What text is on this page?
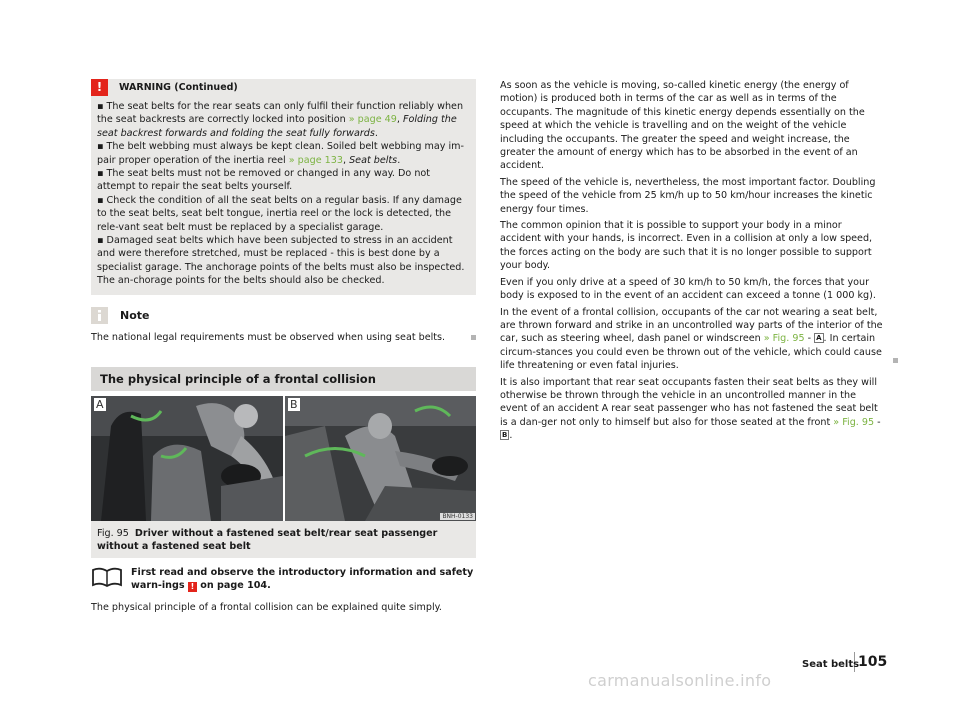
!	WARNING (Continued)

▪ The seat belts for the rear seats can only fulfil their function reliably when the seat backrests are correctly locked into position » page 49, Folding the seat backrest forwards and folding the seat fully forwards.

▪ The belt webbing must always be kept clean. Soiled belt webbing may im-pair proper operation of the inertia reel » page 133, Seat belts.

▪ The seat belts must not be removed or changed in any way. Do not attempt to repair the seat belts yourself.

▪ Check the condition of all the seat belts on a regular basis. If any damage to the seat belts, seat belt tongue, inertia reel or the lock is detected, the rele-vant seat belt must be replaced by a specialist garage.

▪ Damaged seat belts which have been subjected to stress in an accident and were therefore stretched, must be replaced - this is best done by a specialist garage. The anchorage points of the belts must also be inspected. The an-chorage points for the belts should also be checked.

Note
The national legal requirements must be observed when using seat belts.
The physical principle of a frontal collision
A	B
BNH-0133
Fig. 95 Driver without a fastened seat belt/rear seat passenger without a fastened seat belt
First read and observe the introductory information and safety warn-ings ! on page 104.
The physical principle of a frontal collision can be explained quite simply.

As soon as the vehicle is moving, so-called kinetic energy (the energy of motion) is produced both in terms of the car as well as in terms of the occupants. The magnitude of this kinetic energy depends essentially on the speed at which the vehicle is travelling and on the weight of the vehicle including the occupants. The greater the speed and weight increase, the greater the amount of energy which has to be absorbed in the event of an accident.

The speed of the vehicle is, nevertheless, the most important factor. Doubling the speed of the vehicle from 25 km/h up to 50 km/hour increases the kinetic energy four times.

The common opinion that it is possible to support your body in a minor accident with your hands, is incorrect. Even in a collision at only a low speed, the forces acting on the body are such that it is no longer possible to support your body.

Even if you only drive at a speed of 30 km/h to 50 km/h, the forces that your body is exposed to in the event of an accident can exceed a tonne (1 000 kg).

In the event of a frontal collision, occupants of the car not wearing a seat belt, are thrown forward and strike in an uncontrolled way parts of the interior of the car, such as steering wheel, dash panel or windscreen » Fig. 95 - A . In certain circum-stances you could even be thrown out of the vehicle, which could cause life threatening or even fatal injuries.

It is also important that rear seat occupants fasten their seat belts as they will otherwise be thrown through the vehicle in an uncontrolled manner in the event of an accident A rear seat passenger who has not fastened the seat belt is a dan-ger not only to himself but also for those seated at the front » Fig. 95 - B .

Seat belts
105
carmanualsonline.info
